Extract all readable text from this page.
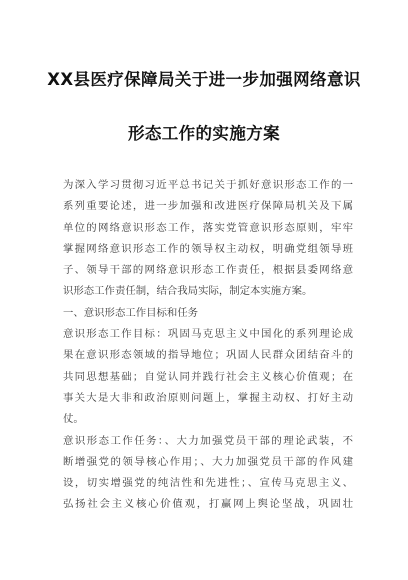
XX县医疗保障局关于进一步加强网络意识
形态工作的实施方案

为深入学习贯彻习近平总书记关于抓好意识形态工作的一

系列重要论述，进一步加强和改进医疗保障局机关及下属

单位的网络意识形态工作，落实党管意识形态原则，牢牢

掌握网络意识形态工作的领导权主动权，明确党组领导班

子、领导干部的网络意识形态工作责任，根据县委网络意

识形态工作责任制，结合我局实际，制定本实施方案。

一、意识形态工作目标和任务

意识形态工作目标：巩固马克思主义中国化的系列理论成

果在意识形态领域的指导地位；巩固人民群众团结奋斗的

共同思想基础；自觉认同并践行社会主义核心价值观；在

事关大是大非和政治原则问题上，掌握主动权、打好主动

仗。

意识形态工作任务：、大力加强党员干部的理论武装，不

断增强党的领导核心作用；、大力加强党员干部的作风建

设，切实增强党的纯洁性和先进性；、宣传马克思主义、

弘扬社会主义核心价值观，打赢网上舆论坚战，巩固壮
